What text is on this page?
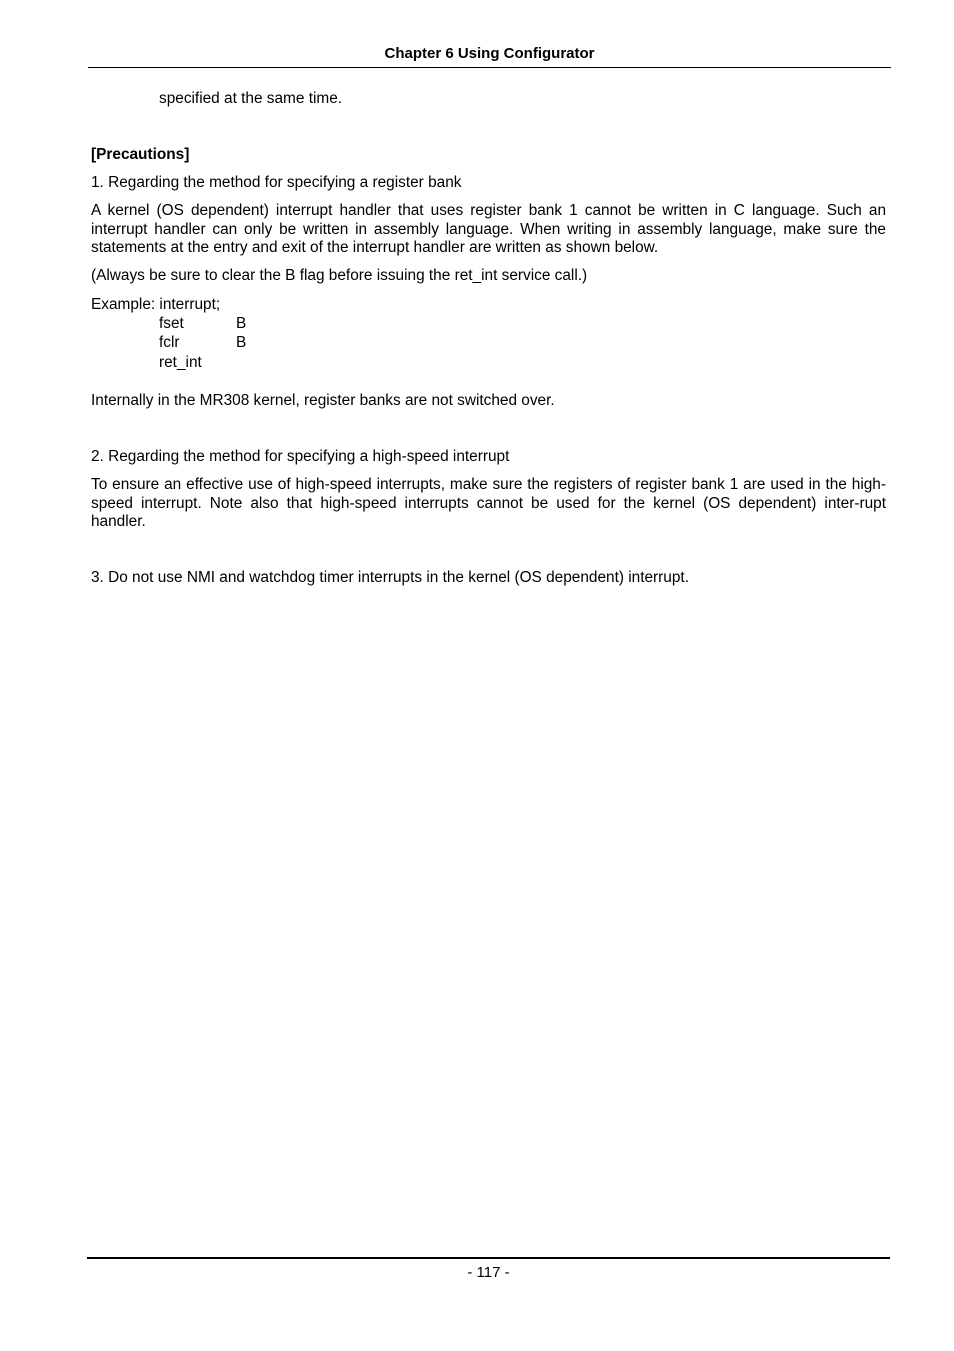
Chapter 6 Using Configurator

specified at the same time.

[Precautions]

1. Regarding the method for specifying a register bank

A kernel (OS dependent) interrupt handler that uses register bank 1 cannot be written in C language. Such an interrupt handler can only be written in assembly language. When writing in assembly language, make sure the statements at the entry and exit of the interrupt handler are written as shown below.

(Always be sure to clear the B flag before issuing the ret_int service call.)

Example: interrupt;

fset	B
fclr	B
ret_int

Internally in the MR308 kernel, register banks are not switched over.

2. Regarding the method for specifying a high-speed interrupt

To ensure an effective use of high-speed interrupts, make sure the registers of register bank 1 are used in the high-speed interrupt. Note also that high-speed interrupts cannot be used for the kernel (OS dependent) inter-rupt handler.

3. Do not use NMI and watchdog timer interrupts in the kernel (OS dependent) interrupt.

- 117 -
